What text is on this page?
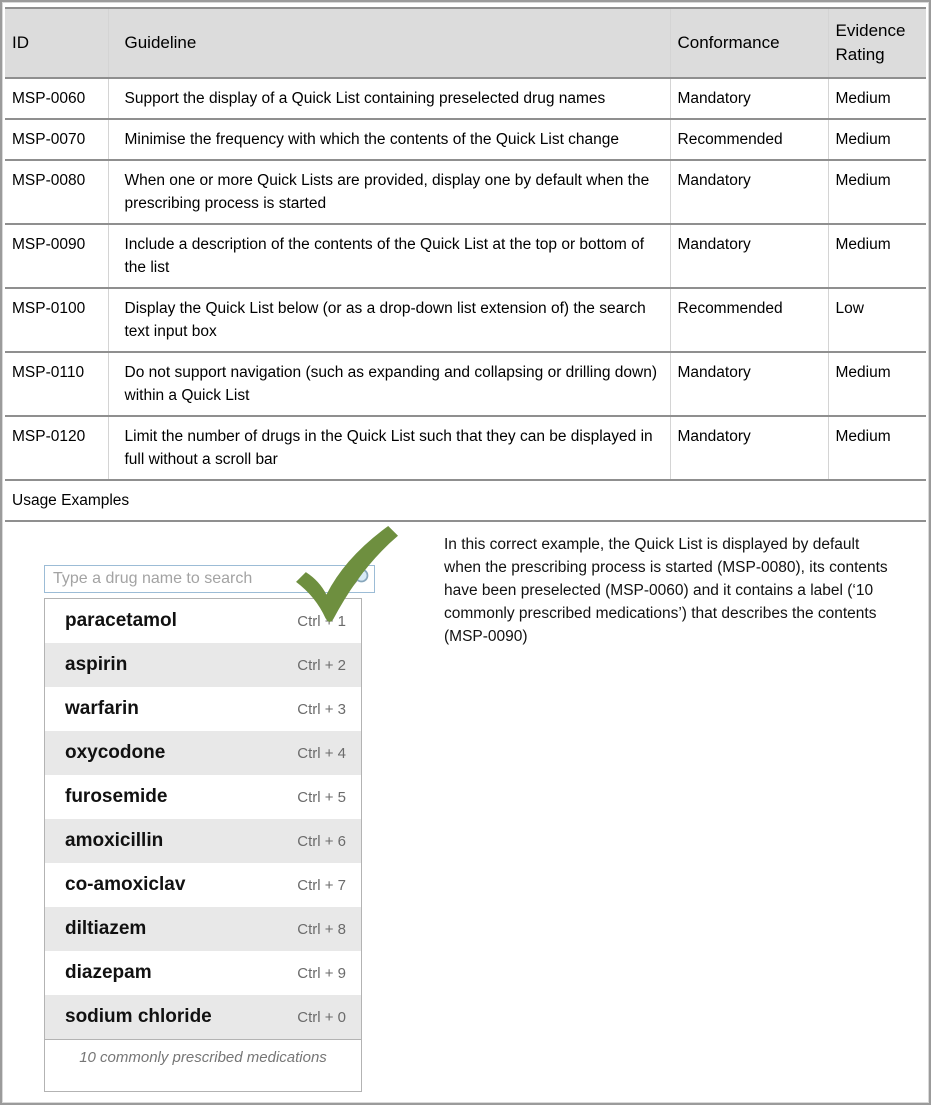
ID	Guideline	Conformance	Evidence Rating
MSP-0060	Support the display of a Quick List containing preselected drug names	Mandatory	Medium
MSP-0070	Minimise the frequency with which the contents of the Quick List change	Recommended	Medium
MSP-0080	When one or more Quick Lists are provided, display one by default when the prescribing process is started	Mandatory	Medium
MSP-0090	Include a description of the contents of the Quick List at the top or bottom of the list	Mandatory	Medium
MSP-0100	Display the Quick List below (or as a drop-down list extension of) the search text input box	Recommended	Low
MSP-0110	Do not support navigation (such as expanding and collapsing or drilling down) within a Quick List	Mandatory	Medium
MSP-0120	Limit the number of drugs in the Quick List such that they can be displayed in full without a scroll bar	Mandatory	Medium
Usage Examples			
Type a drug name to search
paracetamol	Ctrl + 1
aspirin	Ctrl + 2
warfarin	Ctrl + 3
oxycodone	Ctrl + 4
furosemide	Ctrl + 5
amoxicillin	Ctrl + 6
co-amoxiclav	Ctrl + 7
diltiazem	Ctrl + 8
diazepam	Ctrl + 9
sodium chloride	Ctrl + 0
10 commonly prescribed medications
In this correct example, the Quick List is displayed by default when the prescribing process is started (MSP-0080), its contents have been preselected (MSP-0060) and it contains a label (‘10 commonly prescribed medications’) that describes the contents (MSP-0090)
